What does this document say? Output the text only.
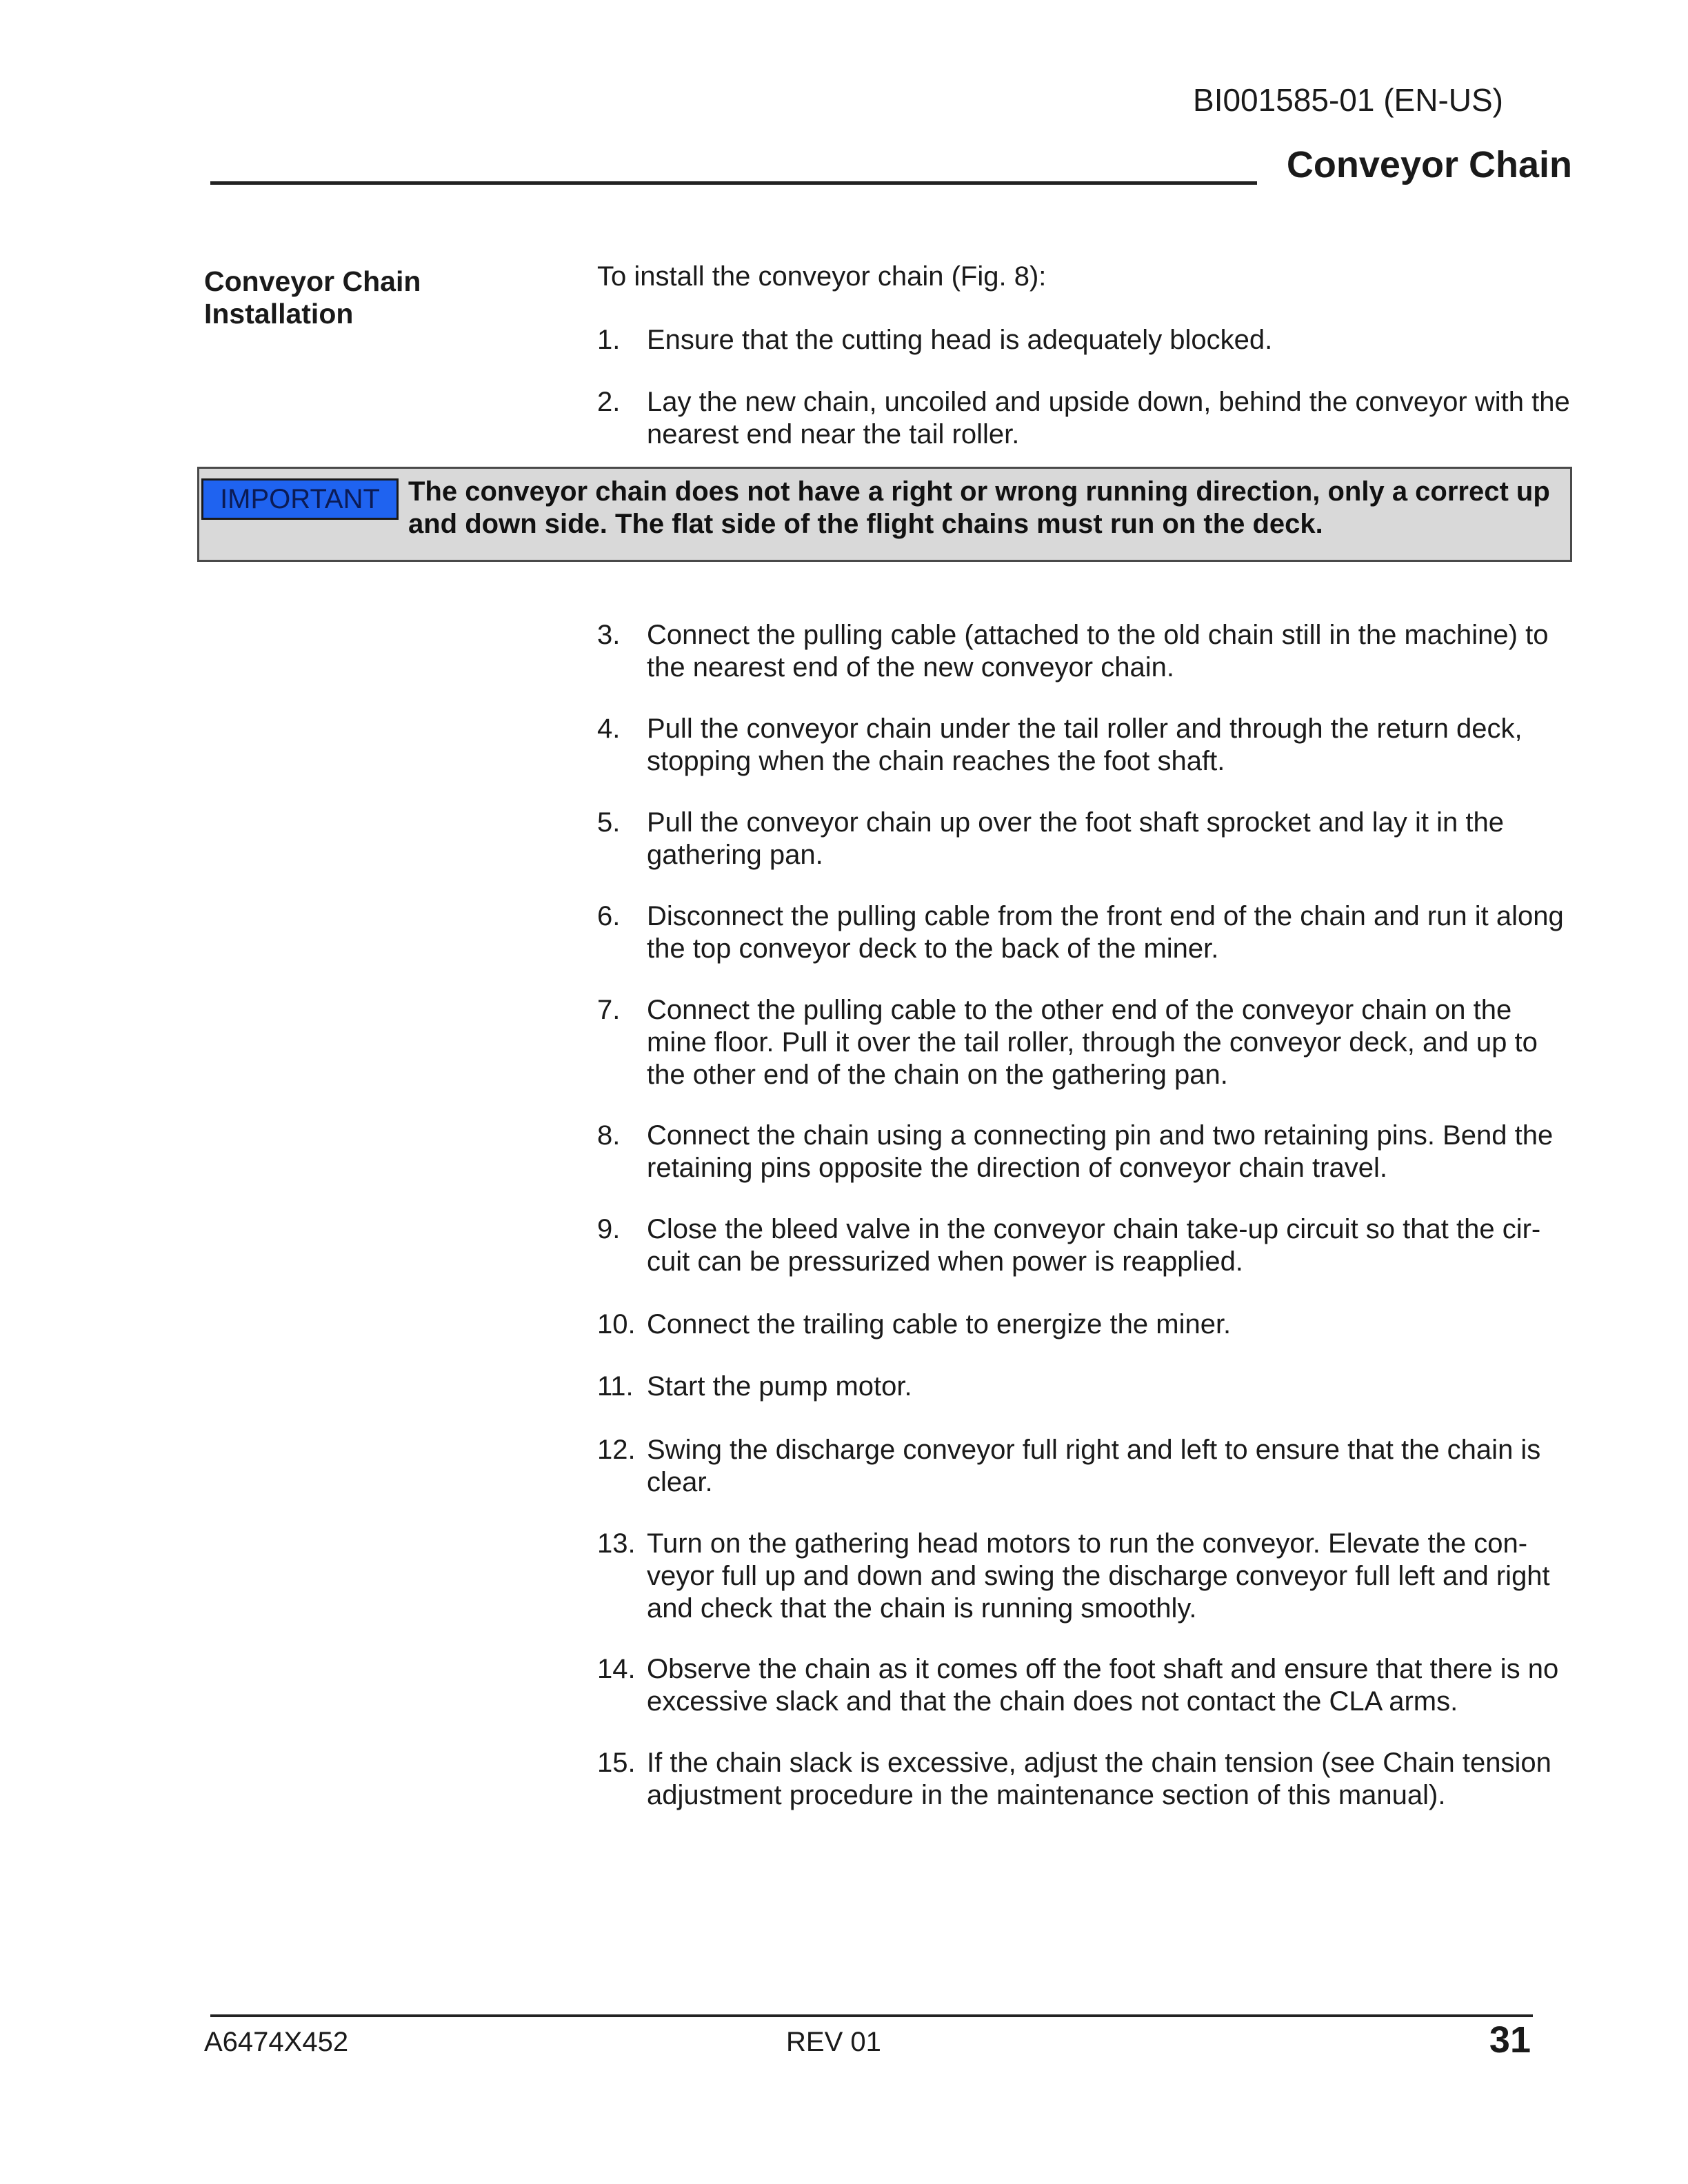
BI001585-01 (EN-US)
Conveyor Chain
Conveyor Chain
Installation
To install the conveyor chain (Fig. 8):
1. Ensure that the cutting head is adequately blocked.
2. Lay the new chain, uncoiled and upside down, behind the conveyor with the nearest end near the tail roller.
IMPORTANT	The conveyor chain does not have a right or wrong running direction, only a correct up and down side. The flat side of the flight chains must run on the deck.
3. Connect the pulling cable (attached to the old chain still in the machine) to the nearest end of the new conveyor chain.
4. Pull the conveyor chain under the tail roller and through the return deck, stopping when the chain reaches the foot shaft.
5. Pull the conveyor chain up over the foot shaft sprocket and lay it in the gathering pan.
6. Disconnect the pulling cable from the front end of the chain and run it along the top conveyor deck to the back of the miner.
7. Connect the pulling cable to the other end of the conveyor chain on the mine floor. Pull it over the tail roller, through the conveyor deck, and up to the other end of the chain on the gathering pan.
8. Connect the chain using a connecting pin and two retaining pins. Bend the retaining pins opposite the direction of conveyor chain travel.
9. Close the bleed valve in the conveyor chain take-up circuit so that the cir-cuit can be pressurized when power is reapplied.
10. Connect the trailing cable to energize the miner.
11. Start the pump motor.
12. Swing the discharge conveyor full right and left to ensure that the chain is clear.
13. Turn on the gathering head motors to run the conveyor. Elevate the con-veyor full up and down and swing the discharge conveyor full left and right and check that the chain is running smoothly.
14. Observe the chain as it comes off the foot shaft and ensure that there is no excessive slack and that the chain does not contact the CLA arms.
15. If the chain slack is excessive, adjust the chain tension (see Chain tension adjustment procedure in the maintenance section of this manual).
A6474X452	REV 01	31
